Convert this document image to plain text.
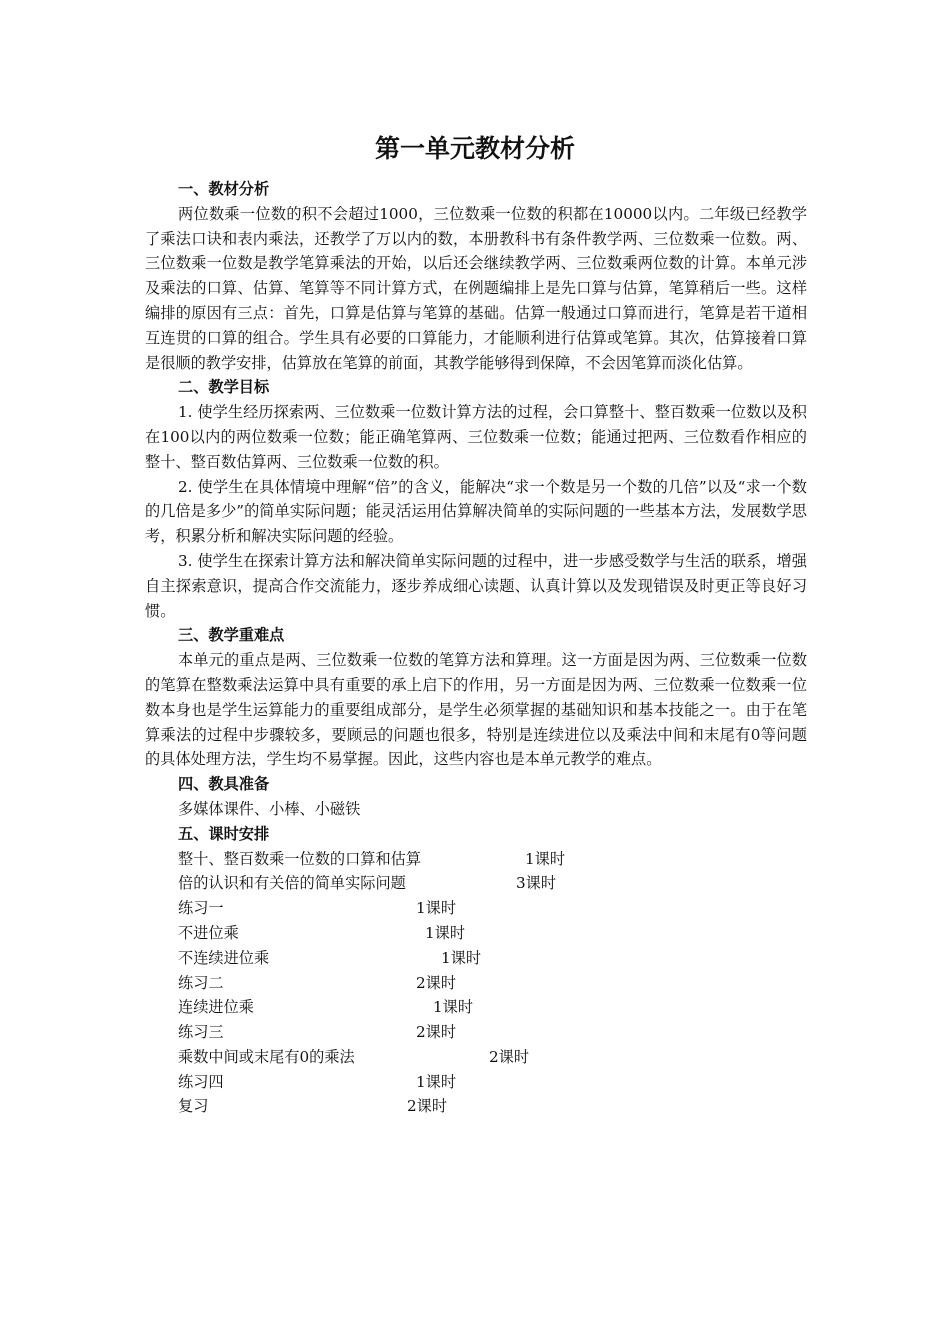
第一单元教材分析

一、教材分析

两位数乘一位数的积不会超过1000，三位数乘一位数的积都在10000以内。二年级已经教学了乘法口诀和表内乘法，还教学了万以内的数，本册教科书有条件教学两、三位数乘一位数。两、三位数乘一位数是教学笔算乘法的开始，以后还会继续教学两、三位数乘两位数的计算。本单元涉及乘法的口算、估算、笔算等不同计算方式，在例题编排上是先口算与估算，笔算稍后一些。这样编排的原因有三点：首先，口算是估算与笔算的基础。估算一般通过口算而进行，笔算是若干道相互连贯的口算的组合。学生具有必要的口算能力，才能顺利进行估算或笔算。其次，估算接着口算是很顺的教学安排，估算放在笔算的前面，其教学能够得到保障，不会因笔算而淡化估算。

二、教学目标

1. 使学生经历探索两、三位数乘一位数计算方法的过程，会口算整十、整百数乘一位数以及积在100以内的两位数乘一位数；能正确笔算两、三位数乘一位数；能通过把两、三位数看作相应的整十、整百数估算两、三位数乘一位数的积。

2. 使学生在具体情境中理解“倍”的含义，能解决“求一个数是另一个数的几倍”以及“求一个数的几倍是多少”的简单实际问题；能灵活运用估算解决简单的实际问题的一些基本方法，发展数学思考，积累分析和解决实际问题的经验。

3. 使学生在探索计算方法和解决简单实际问题的过程中，进一步感受数学与生活的联系，增强自主探索意识，提高合作交流能力，逐步养成细心读题、认真计算以及发现错误及时更正等良好习惯。

三、教学重难点

本单元的重点是两、三位数乘一位数的笔算方法和算理。这一方面是因为两、三位数乘一位数的笔算在整数乘法运算中具有重要的承上启下的作用，另一方面是因为两、三位数乘一位数乘一位数本身也是学生运算能力的重要组成部分，是学生必须掌握的基础知识和基本技能之一。由于在笔算乘法的过程中步骤较多，要顾忌的问题也很多，特别是连续进位以及乘法中间和末尾有0等问题的具体处理方法，学生均不易掌握。因此，这些内容也是本单元教学的难点。

四、教具准备

多媒体课件、小棒、小磁铁

五、课时安排

整十、整百数乘一位数的口算和估算	1课时
倍的认识和有关倍的简单实际问题	3课时
练习一	1课时
不进位乘	1课时
不连续进位乘	1课时
练习二	2课时
连续进位乘	1课时
练习三	2课时
乘数中间或末尾有0的乘法	2课时
练习四	1课时
复习	2课时
